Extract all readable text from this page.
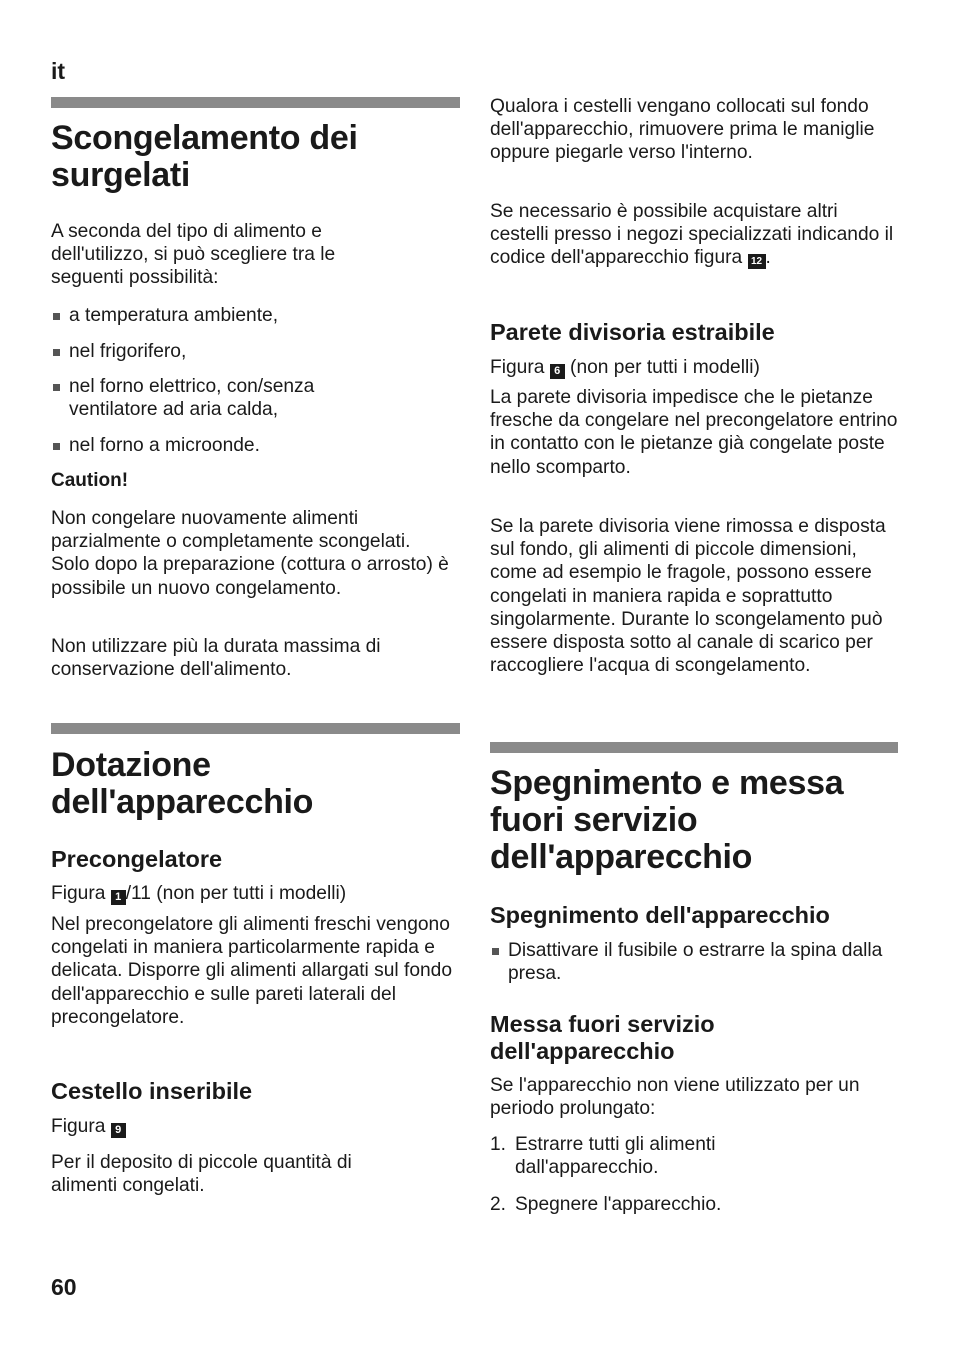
it
Scongelamento dei
surgelati

A seconda del tipo di alimento e dell'utilizzo, si può scegliere tra le seguenti possibilità:

a temperatura ambiente,
nel frigorifero,
nel forno elettrico, con/senza ventilatore ad aria calda,
nel forno a microonde.
Caution!

Non congelare nuovamente alimenti parzialmente o completamente scongelati. Solo dopo la preparazione (cottura o arrosto) è possibile un nuovo congelamento.

Non utilizzare più la durata massima di conservazione dell'alimento.

Dotazione
dell'apparecchio
Precongelatore

Figura 1 /11 (non per tutti i modelli)

Nel precongelatore gli alimenti freschi vengono congelati in maniera particolarmente rapida e delicata. Disporre gli alimenti allargati sul fondo dell'apparecchio e sulle pareti laterali del precongelatore.

Cestello inseribile

Figura 9

Per il deposito di piccole quantità di alimenti congelati.

Qualora i cestelli vengano collocati sul fondo dell'apparecchio, rimuovere prima le maniglie oppure piegarle verso l'interno.

Se necessario è possibile acquistare altri cestelli presso i negozi specializzati indicando il codice dell'apparecchio figura 12 .

Parete divisoria estraibile

Figura 6 (non per tutti i modelli)

La parete divisoria impedisce che le pietanze fresche da congelare nel precongelatore entrino in contatto con le pietanze già congelate poste nello scomparto.

Se la parete divisoria viene rimossa e disposta sul fondo, gli alimenti di piccole dimensioni, come ad esempio le fragole, possono essere congelati in maniera rapida e soprattutto singolarmente. Durante lo scongelamento può essere disposta sotto al canale di scarico per raccogliere l'acqua di scongelamento.

Spegnimento e messa
fuori servizio
dell'apparecchio
Spegnimento dell'apparecchio
Disattivare il fusibile o estrarre la spina dalla presa.
Messa fuori servizio
dell'apparecchio

Se l'apparecchio non viene utilizzato per un periodo prolungato:

1. Estrarre tutti gli alimenti dall'apparecchio.
2. Spegnere l'apparecchio.
60
